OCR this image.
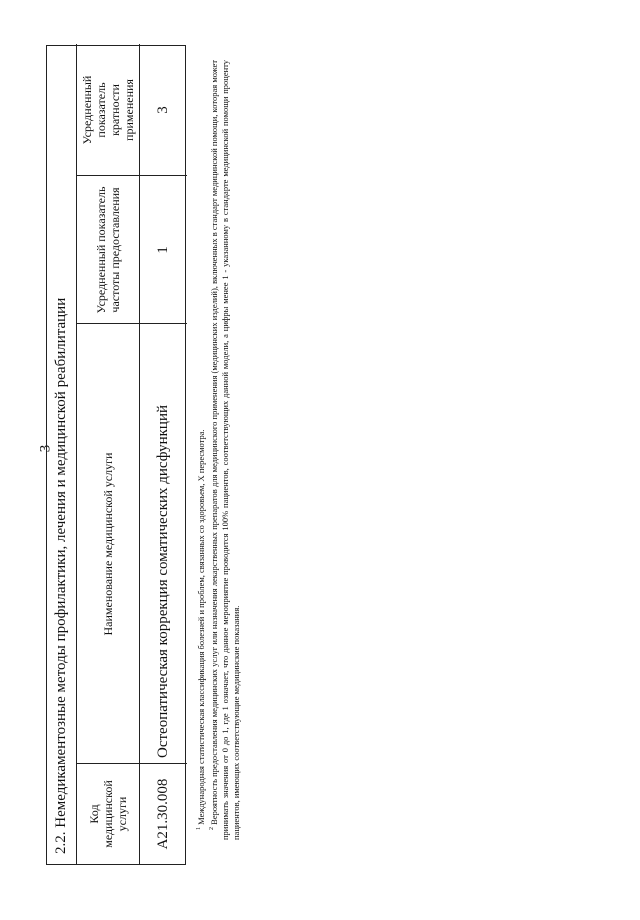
3 2.2. Немедикаментозные методы профилактики, лечения и медицинской реабилитации	Код медицинской услуги
Наименование медицинской услуги
Усредненный показатель частоты предоставления
Усредненный показатель кратности применения
A21.30.008
Остеопатическая коррекция соматических дисфункций
1
3

$^1$ Международная статистическая классификация болезней и проблем, связанных со здоровьем, X пересмотра.

$^2$ Вероятность предоставления медицинских услуг или назначения лекарственных препаратов для медицинского применения (медицинских изделий), включенных в стандарт медицинской помощи, которая может принимать значения от 0 до 1, где 1 означает, что данное мероприятие проводится 100% пациентов, соответствующих данной модели, а цифры менее 1 - указанному в стандарте медицинской помощи проценту пациентов, имеющих соответствующие медицинские показания.
